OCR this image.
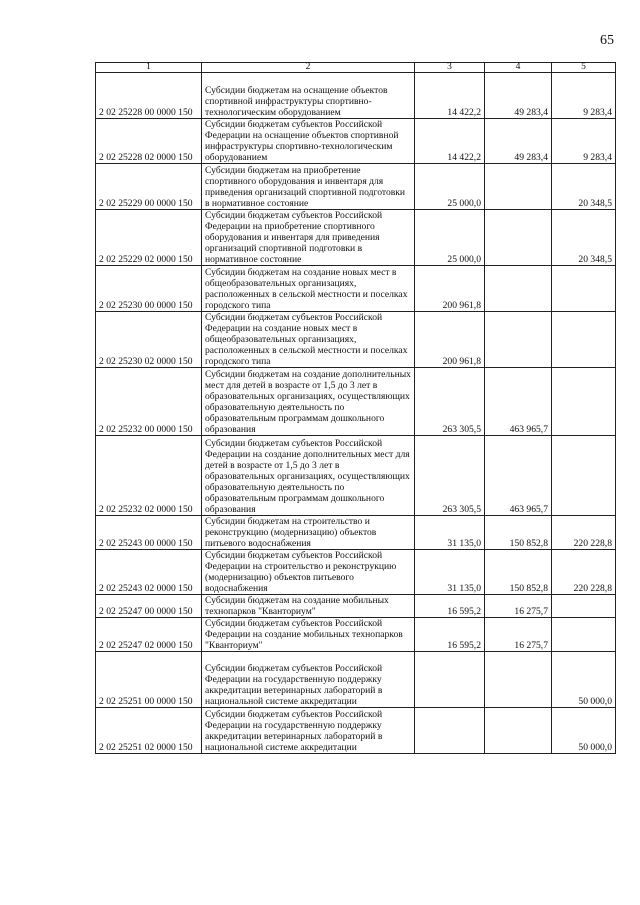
65
1	2	3	4	5
2 02 25228 00 0000 150	Субсидии бюджетам на оснащение объектов спортивной инфраструктуры спортивно-технологическим оборудованием	14 422,2	49 283,4	9 283,4
2 02 25228 02 0000 150	Субсидии бюджетам субъектов Российской Федерации на оснащение объектов спортивной инфраструктуры спортивно-технологическим оборудованием	14 422,2	49 283,4	9 283,4
2 02 25229 00 0000 150	Субсидии бюджетам на приобретение спортивного оборудования и инвентаря для приведения организаций спортивной подготовки в нормативное состояние	25 000,0		20 348,5
2 02 25229 02 0000 150	Субсидии бюджетам субъектов Российской Федерации на приобретение спортивного оборудования и инвентаря для приведения организаций спортивной подготовки в нормативное состояние	25 000,0		20 348,5
2 02 25230 00 0000 150	Субсидии бюджетам на создание новых мест в общеобразовательных организациях, расположенных в сельской местности и поселках городского типа	200 961,8		
2 02 25230 02 0000 150	Субсидии бюджетам субъектов Российской Федерации на создание новых мест в общеобразовательных организациях, расположенных в сельской местности и поселках городского типа	200 961,8		
2 02 25232 00 0000 150	Субсидии бюджетам на создание дополнительных мест для детей в возрасте от 1,5 до 3 лет в образовательных организациях, осуществляющих образовательную деятельность по образовательным программам дошкольного образования	263 305,5	463 965,7	
2 02 25232 02 0000 150	Субсидии бюджетам субъектов Российской Федерации на создание дополнительных мест для детей в возрасте от 1,5 до 3 лет в образовательных организациях, осуществляющих образовательную деятельность по образовательным программам дошкольного образования	263 305,5	463 965,7	
2 02 25243 00 0000 150	Субсидии бюджетам на строительство и реконструкцию (модернизацию) объектов питьевого водоснабжения	31 135,0	150 852,8	220 228,8
2 02 25243 02 0000 150	Субсидии бюджетам субъектов Российской Федерации на строительство и реконструкцию (модернизацию) объектов питьевого водоснабжения	31 135,0	150 852,8	220 228,8
2 02 25247 00 0000 150	Субсидии бюджетам на создание мобильных технопарков "Кванториум"	16 595,2	16 275,7	
2 02 25247 02 0000 150	Субсидии бюджетам субъектов Российской Федерации на создание мобильных технопарков "Кванториум"	16 595,2	16 275,7	
2 02 25251 00 0000 150	Субсидии бюджетам субъектов Российской Федерации на государственную поддержку аккредитации ветеринарных лабораторий в национальной системе аккредитации			50 000,0
2 02 25251 02 0000 150	Субсидии бюджетам субъектов Российской Федерации на государственную поддержку аккредитации ветеринарных лабораторий в национальной системе аккредитации			50 000,0
